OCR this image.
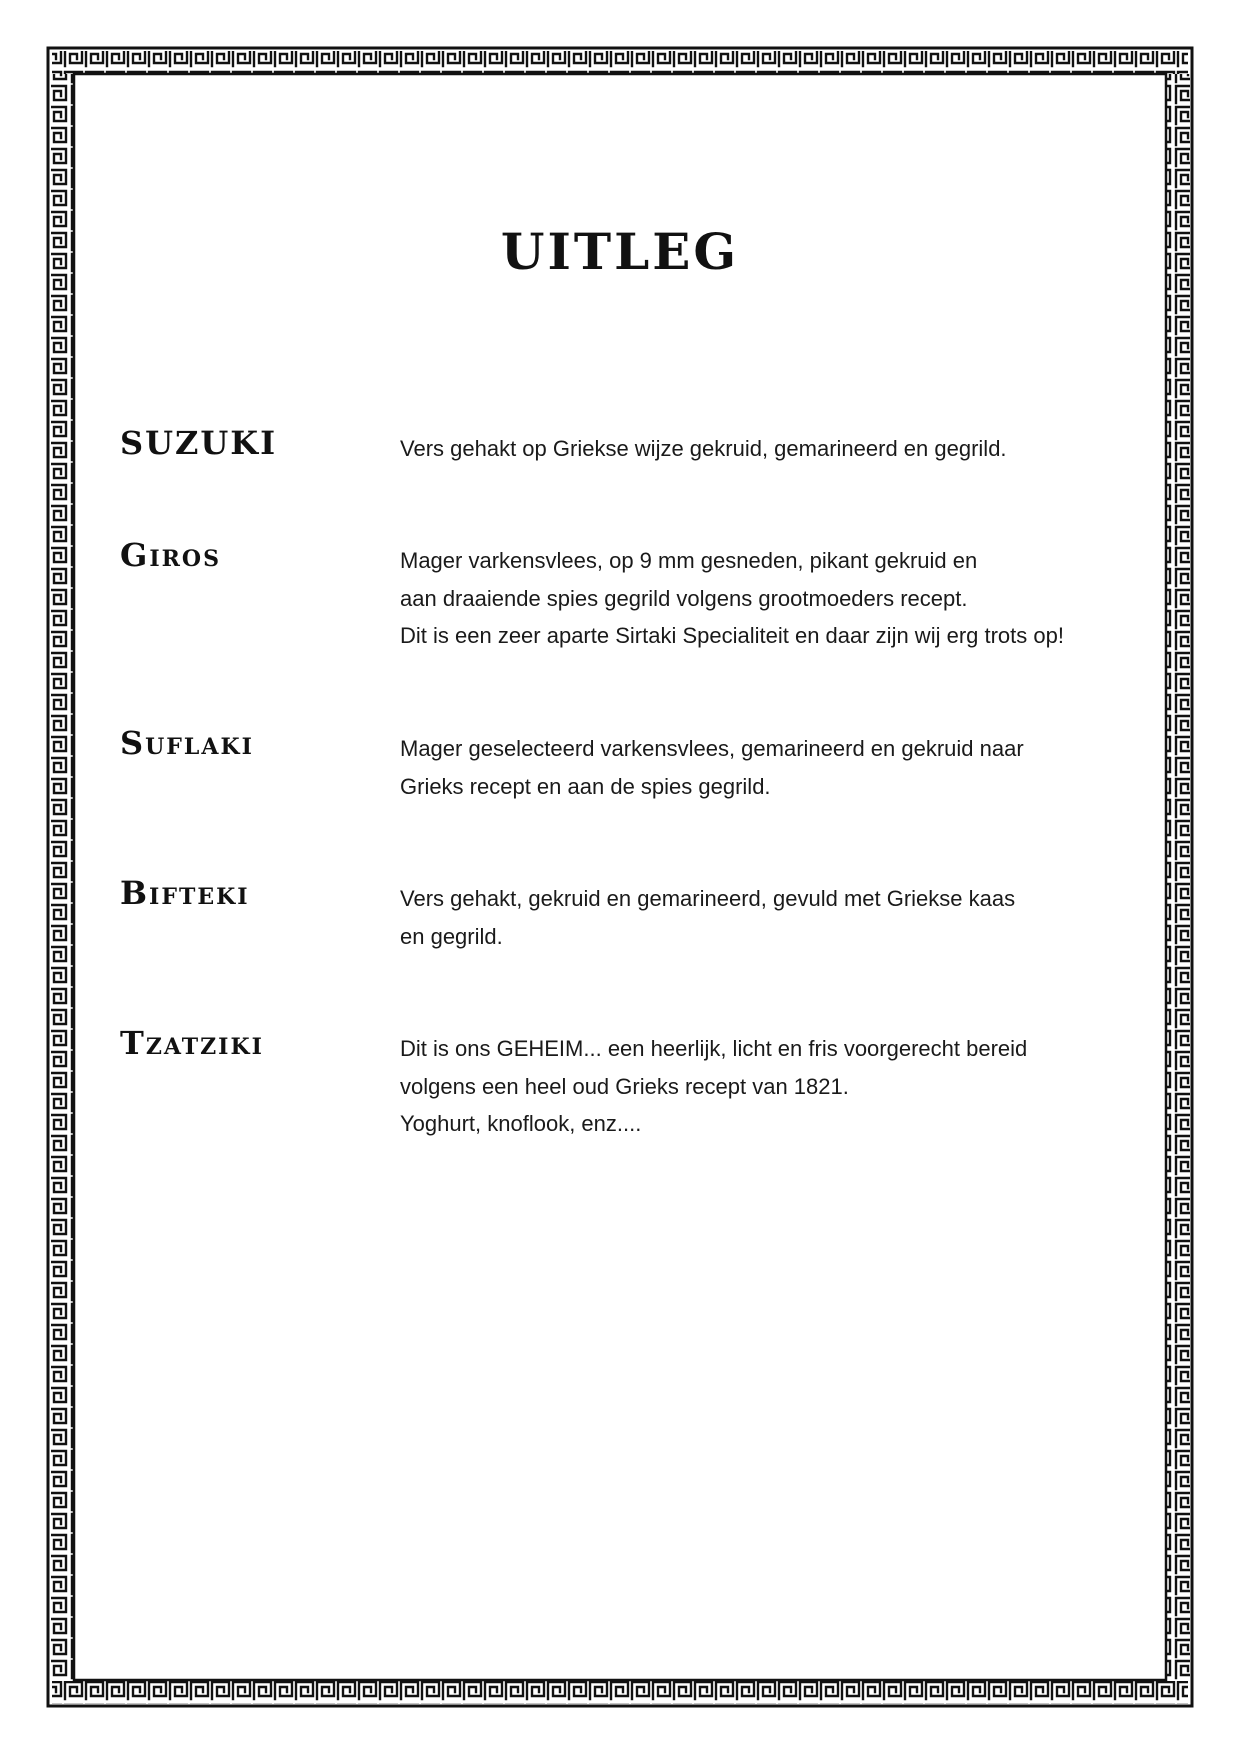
UITLEG
SUZUKI	Vers gehakt op Griekse wijze gekruid, gemarineerd en gegrild.
Giros	Mager varkensvlees, op 9 mm gesneden, pikant gekruid en
aan draaiende spies gegrild volgens grootmoeders recept.
Dit is een zeer aparte Sirtaki Specialiteit en daar zijn wij erg trots op!
Suflaki	Mager geselecteerd varkensvlees, gemarineerd en gekruid naar
Grieks recept en aan de spies gegrild.
Bifteki	Vers gehakt, gekruid en gemarineerd, gevuld met Griekse kaas
en gegrild.
Tzatziki	Dit is ons GEHEIM... een heerlijk, licht en fris voorgerecht bereid
volgens een heel oud Grieks recept van 1821.
Yoghurt, knoflook, enz....
